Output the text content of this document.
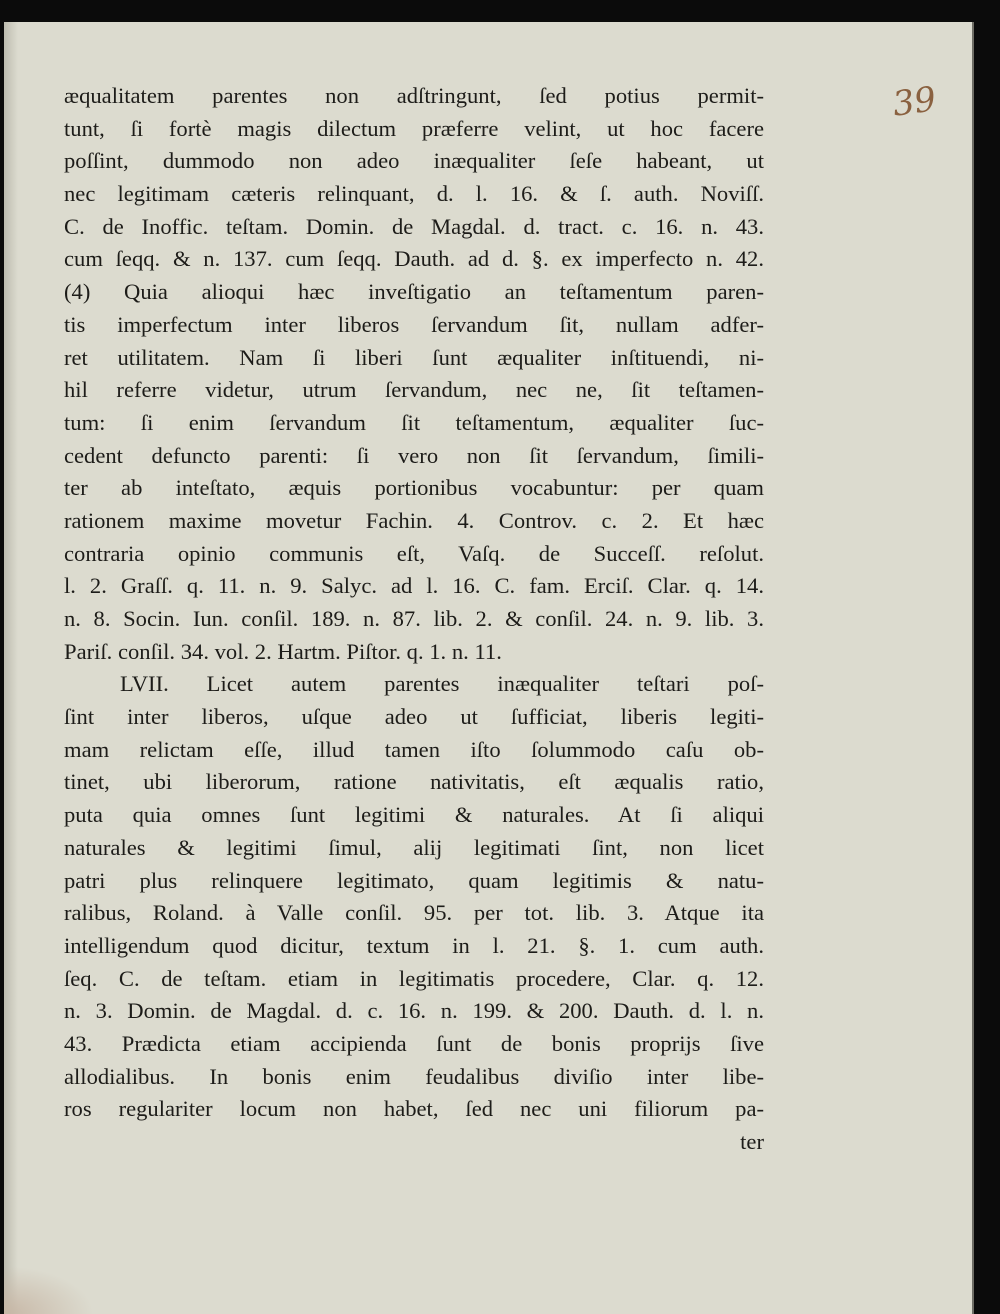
39
æqualitatem parentes non adſtringunt, ſed potius permit-
tunt, ſi fortè magis dilectum præferre velint, ut hoc facere
poſſint, dummodo non adeo inæqualiter ſeſe habeant, ut
nec legitimam cæteris relinquant, d. l. 16. & ſ. auth. Noviſſ.
C. de Inoffic. teſtam. Domin. de Magdal. d. tract. c. 16. n. 43.
cum ſeqq. & n. 137. cum ſeqq. Dauth. ad d. §. ex imperfecto n. 42.
(4) Quia alioqui hæc inveſtigatio an teſtamentum paren-
tis imperfectum inter liberos ſervandum ſit, nullam adfer-
ret utilitatem. Nam ſi liberi ſunt æqualiter inſtituendi, ni-
hil referre videtur, utrum ſervandum, nec ne, ſit teſtamen-
tum: ſi enim ſervandum ſit teſtamentum, æqualiter ſuc-
cedent defuncto parenti: ſi vero non ſit ſervandum, ſimili-
ter ab inteſtato, æquis portionibus vocabuntur: per quam
rationem maxime movetur Fachin. 4. Controv. c. 2. Et hæc
contraria opinio communis eſt, Vaſq. de Succeſſ. reſolut.
l. 2. Graſſ. q. 11. n. 9. Salyc. ad l. 16. C. fam. Erciſ. Clar. q. 14.
n. 8. Socin. Iun. conſil. 189. n. 87. lib. 2. & conſil. 24. n. 9. lib. 3.
Pariſ. conſil. 34. vol. 2. Hartm. Piſtor. q. 1. n. 11.
LVII. Licet autem parentes inæqualiter teſtari poſ-
ſint inter liberos, uſque adeo ut ſufficiat, liberis legiti-
mam relictam eſſe, illud tamen iſto ſolummodo caſu ob-
tinet, ubi liberorum, ratione nativitatis, eſt æqualis ratio,
puta quia omnes ſunt legitimi & naturales. At ſi aliqui
naturales & legitimi ſimul, alij legitimati ſint, non licet
patri plus relinquere legitimato, quam legitimis & natu-
ralibus, Roland. à Valle conſil. 95. per tot. lib. 3. Atque ita
intelligendum quod dicitur, textum in l. 21. §. 1. cum auth.
ſeq. C. de teſtam. etiam in legitimatis procedere, Clar. q. 12.
n. 3. Domin. de Magdal. d. c. 16. n. 199. & 200. Dauth. d. l. n.
43. Prædicta etiam accipienda ſunt de bonis proprijs ſive
allodialibus. In bonis enim feudalibus diviſio inter libe-
ros regulariter locum non habet, ſed nec uni filiorum pa-
ter
